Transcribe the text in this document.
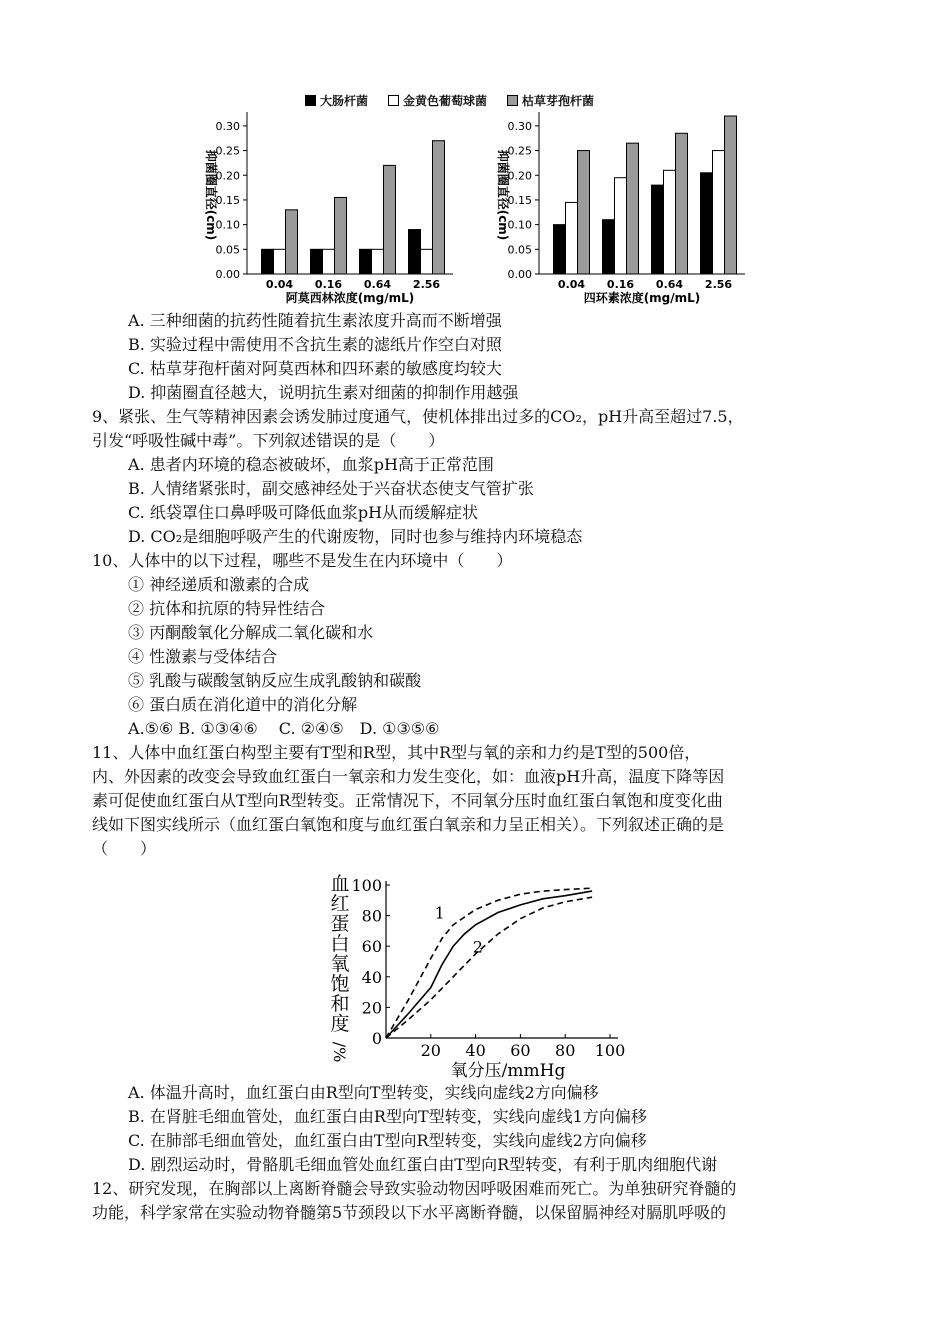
大肠杆菌	金黄色葡萄球菌	枯草芽孢杆菌
0.00
0.05
0.10
0.15
0.20
0.25
0.30
0.04 0.16 0.64 2.56
阿莫西林浓度(mg/mL)
抑菌圈直径(cm)
0.00
0.05
0.10
0.15
0.20
0.25
0.30
0.04 0.16 0.64 2.56
四环素浓度(mg/mL)
抑菌圈直径(cm)
A. 三种细菌的抗药性随着抗生素浓度升高而不断增强
B. 实验过程中需使用不含抗生素的滤纸片作空白对照
C. 枯草芽孢杆菌对阿莫西林和四环素的敏感度均较大
D. 抑菌圈直径越大，说明抗生素对细菌的抑制作用越强
9、紧张、生气等精神因素会诱发肺过度通气，使机体排出过多的CO₂，pH升高至超过7.5，
引发“呼吸性碱中毒”。下列叙述错误的是（　　）
A. 患者内环境的稳态被破坏，血浆pH高于正常范围
B. 人情绪紧张时，副交感神经处于兴奋状态使支气管扩张
C. 纸袋罩住口鼻呼吸可降低血浆pH从而缓解症状
D. CO₂是细胞呼吸产生的代谢废物，同时也参与维持内环境稳态
10、人体中的以下过程，哪些不是发生在内环境中（　　）
① 神经递质和激素的合成
② 抗体和抗原的特异性结合
③ 丙酮酸氧化分解成二氧化碳和水
④ 性激素与受体结合
⑤ 乳酸与碳酸氢钠反应生成乳酸钠和碳酸
⑥ 蛋白质在消化道中的消化分解
A.⑤⑥ B. ①③④⑥　 C. ②④⑤　D. ①③⑤⑥
11、人体中血红蛋白构型主要有T型和R型，其中R型与氧的亲和力约是T型的500倍，
内、外因素的改变会导致血红蛋白一氧亲和力发生变化，如：血液pH升高，温度下降等因
素可促使血红蛋白从T型向R型转变。正常情况下，不同氧分压时血红蛋白氧饱和度变化曲
线如下图实线所示（血红蛋白氧饱和度与血红蛋白氧亲和力呈正相关）。下列叙述正确的是
（　　）
0
20
40
60
80
100
20 40 60 80 100
氧分压/mmHg
血
红
蛋
白
氧
饱
和
度
/%
1
2
A. 体温升高时，血红蛋白由R型向T型转变，实线向虚线2方向偏移
B. 在肾脏毛细血管处，血红蛋白由R型向T型转变，实线向虚线1方向偏移
C. 在肺部毛细血管处，血红蛋白由T型向R型转变，实线向虚线2方向偏移
D. 剧烈运动时，骨骼肌毛细血管处血红蛋白由T型向R型转变，有利于肌肉细胞代谢
12、研究发现，在胸部以上离断脊髓会导致实验动物因呼吸困难而死亡。为单独研究脊髓的
功能，科学家常在实验动物脊髓第5节颈段以下水平离断脊髓，以保留膈神经对膈肌呼吸的
